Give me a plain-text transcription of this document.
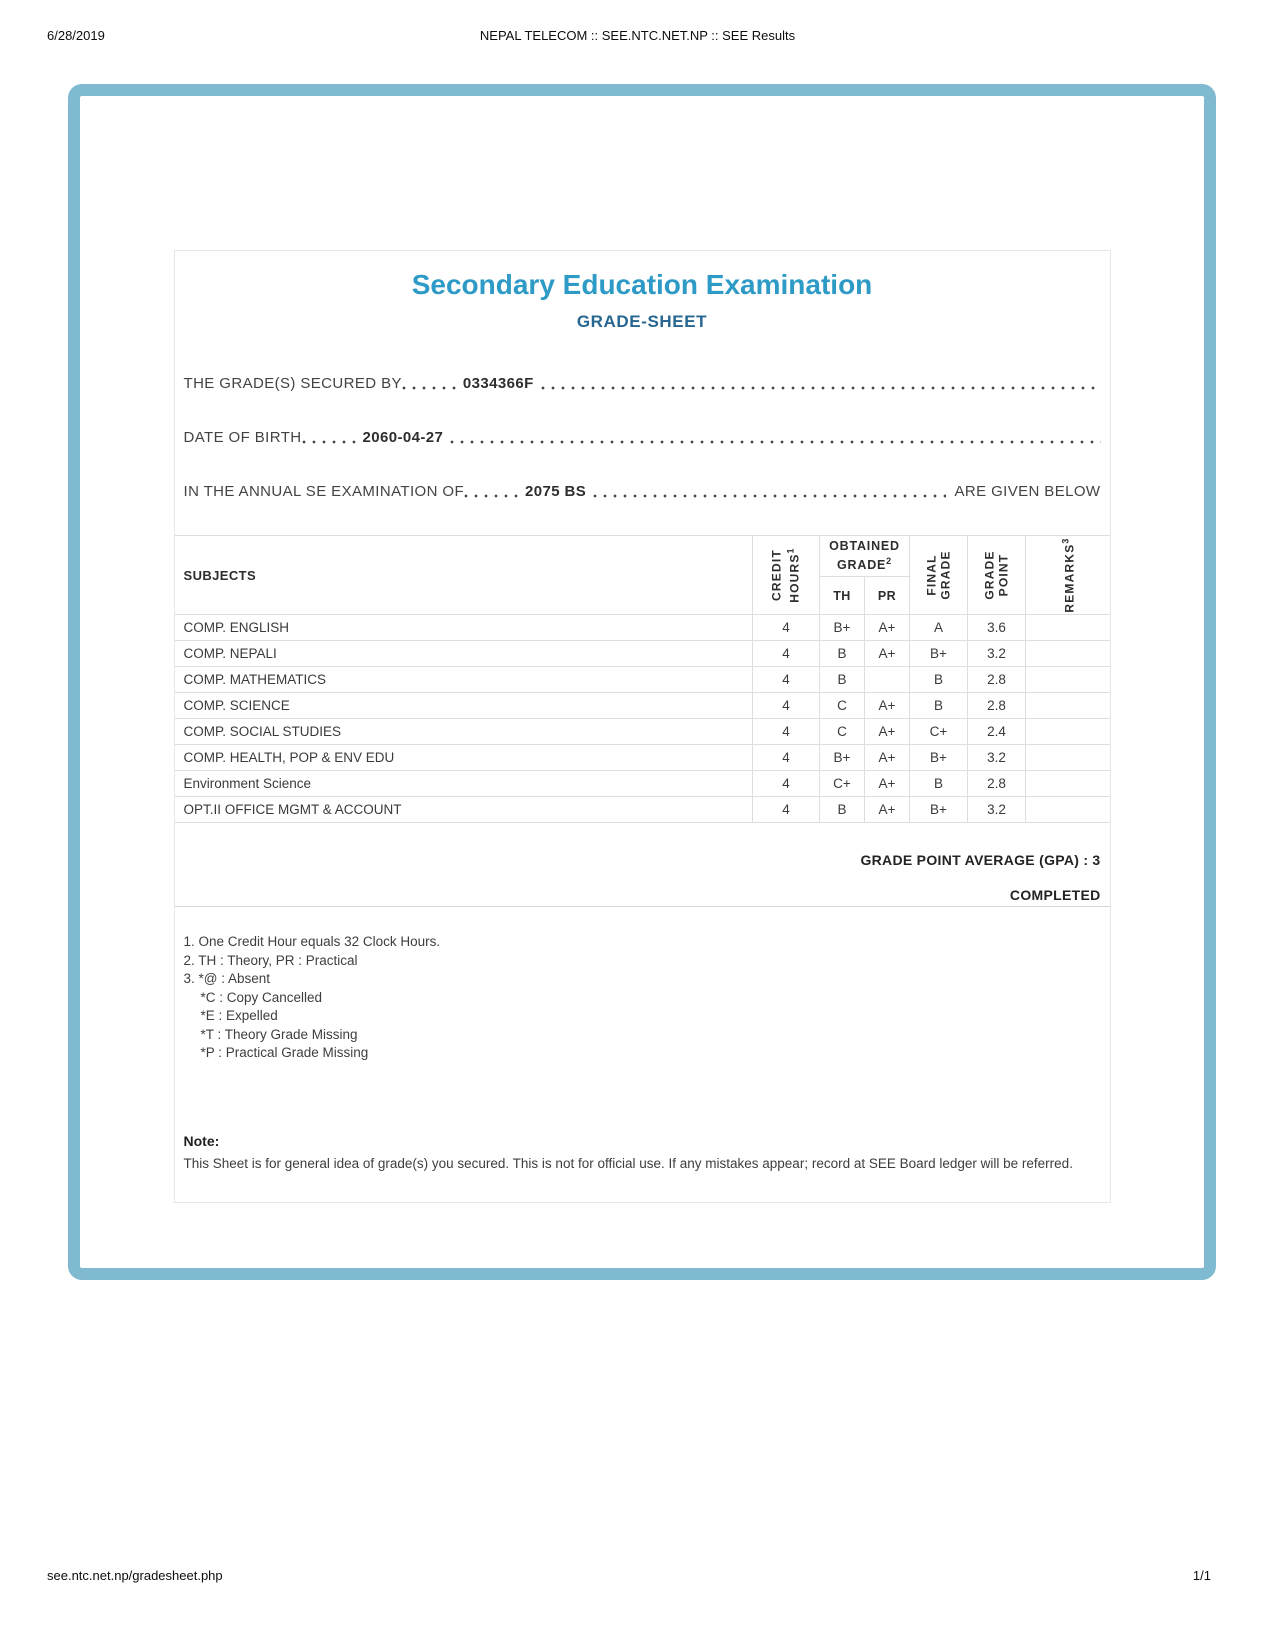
6/28/2019	NEPAL TELECOM :: SEE.NTC.NET.NP :: SEE Results
Secondary Education Examination
GRADE-SHEET
THE GRADE(S) SECURED BY	0334366F
DATE OF BIRTH	2060-04-27
IN THE ANNUAL SE EXAMINATION OF	2075 BS	ARE GIVEN BELOW
SUBJECTS	CREDIT HOURS$^1$	OBTAINED GRADE$^2$		FINAL GRADE	GRADE POINT	REMARKS$^3$

		TH	PR			
COMP. ENGLISH	4	B+	A+	A	3.6	
COMP. NEPALI	4	B	A+	B+	3.2	
COMP. MATHEMATICS	4	B		B	2.8	
COMP. SCIENCE	4	C	A+	B	2.8	
COMP. SOCIAL STUDIES	4	C	A+	C+	2.4	
COMP. HEALTH, POP & ENV EDU	4	B+	A+	B+	3.2	
Environment Science	4	C+	A+	B	2.8	
OPT.II OFFICE MGMT & ACCOUNT	4	B	A+	B+	3.2	
GRADE POINT AVERAGE (GPA) : 3
COMPLETED
1. One Credit Hour equals 32 Clock Hours.
2. TH : Theory, PR : Practical
3. *@ : Absent
*C : Copy Cancelled
*E : Expelled
*T : Theory Grade Missing
*P : Practical Grade Missing
Note:
This Sheet is for general idea of grade(s) you secured. This is not for official use. If any mistakes appear; record at SEE Board ledger will be referred.
see.ntc.net.np/gradesheet.php	1/1
